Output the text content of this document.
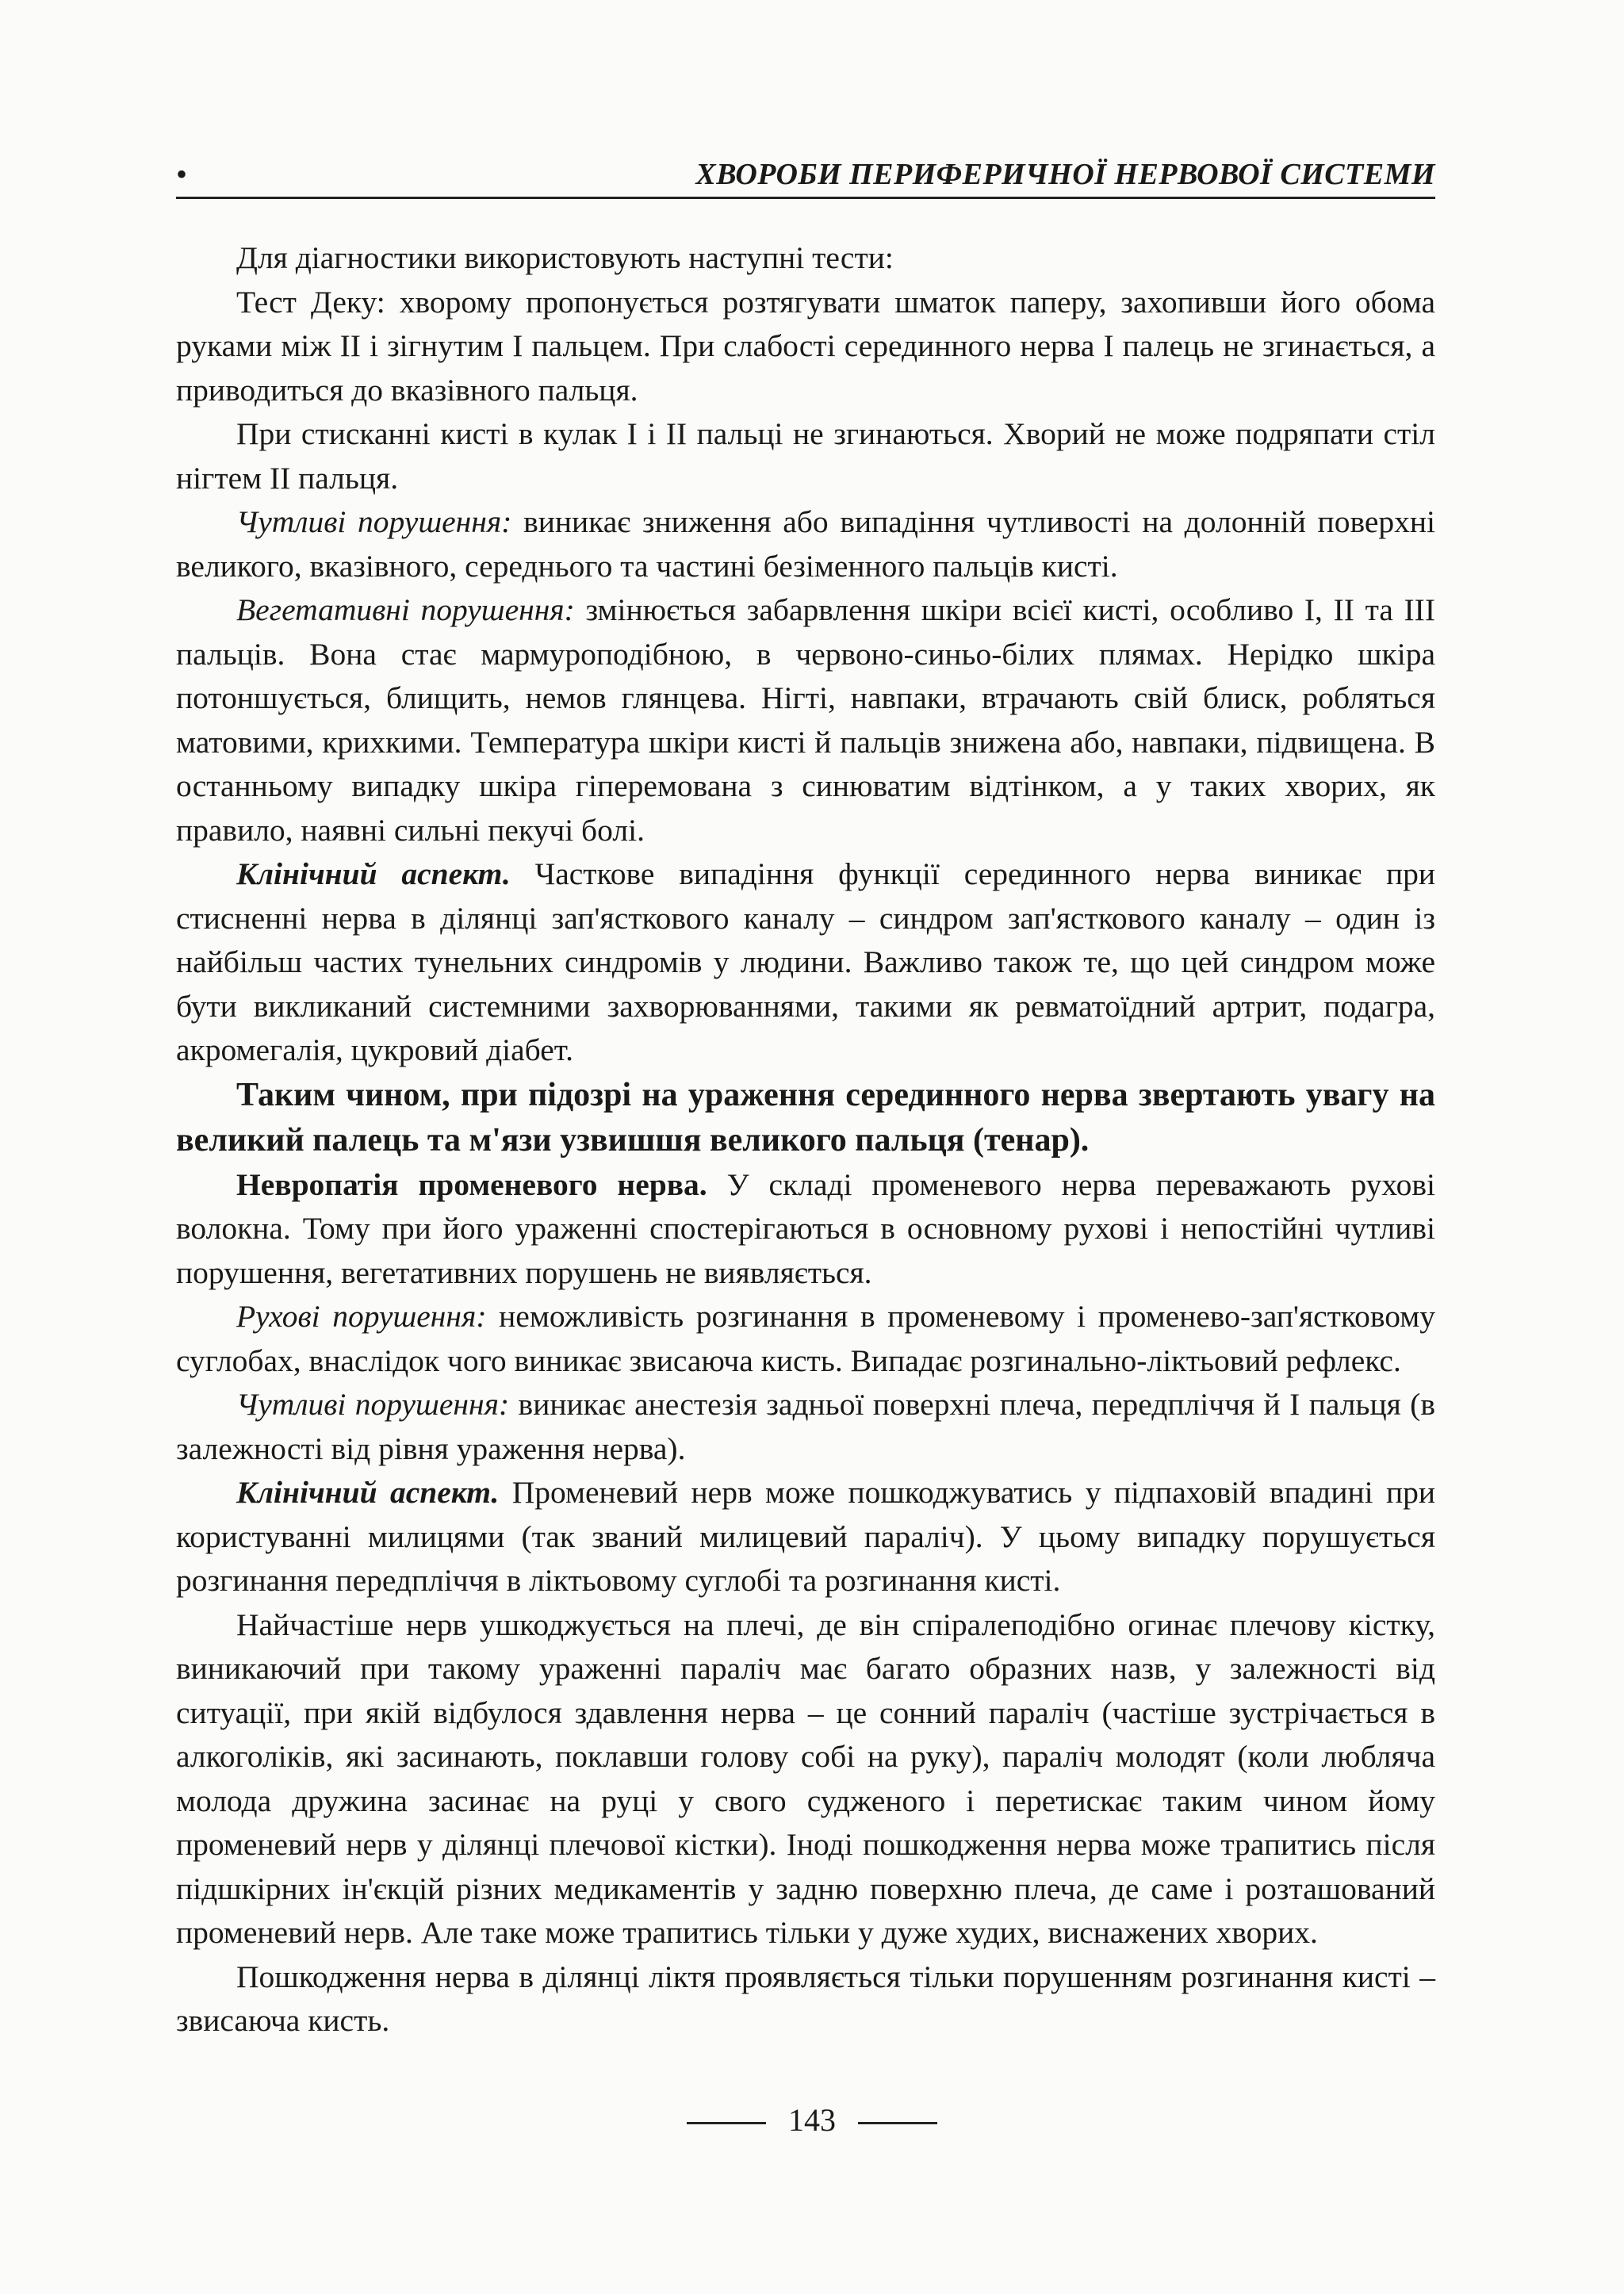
•	ХВОРОБИ ПЕРИФЕРИЧНОЇ НЕРВОВОЇ СИСТЕМИ

Для діагностики використовують наступні тести:

Тест Деку: хворому пропонується розтягувати шматок паперу, захопивши його обома руками між II і зігнутим I пальцем. При слабості серединного нерва I палець не згинається, а приводиться до вказівного пальця.

При стисканні кисті в кулак I і II пальці не згинаються. Хворий не може подряпати стіл нігтем II пальця.

Чутливі порушення: виникає зниження або випадіння чутливості на долонній поверхні великого, вказівного, середнього та частині безіменного пальців кисті.

Вегетативні порушення: змінюється забарвлення шкіри всієї кисті, особливо I, II та III пальців. Вона стає мармуроподібною, в червоно-синьо-білих плямах. Нерідко шкіра потоншується, блищить, немов глянцева. Нігті, навпаки, втрачають свій блиск, робляться матовими, крихкими. Температура шкіри кисті й пальців знижена або, навпаки, підвищена. В останньому випадку шкіра гіперемована з синюватим відтінком, а у таких хворих, як правило, наявні сильні пекучі болі.

Клінічний аспект. Часткове випадіння функції серединного нерва виникає при стисненні нерва в ділянці зап'ясткового каналу – синдром зап'ясткового каналу – один із найбільш частих тунельних синдромів у людини. Важливо також те, що цей синдром може бути викликаний системними захворюваннями, такими як ревматоїдний артрит, подагра, акромегалія, цукровий діабет.

Таким чином, при підозрі на ураження серединного нерва звертають увагу на великий палець та м'язи узвишшя великого пальця (тенар).

Невропатія променевого нерва. У складі променевого нерва переважають рухові волокна. Тому при його ураженні спостерігаються в основному рухові і непостійні чутливі порушення, вегетативних порушень не виявляється.

Рухові порушення: неможливість розгинання в променевому і променево-зап'ястковому суглобах, внаслідок чого виникає звисаюча кисть. Випадає розгинально-ліктьовий рефлекс.

Чутливі порушення: виникає анестезія задньої поверхні плеча, передпліччя й I пальця (в залежності від рівня ураження нерва).

Клінічний аспект. Променевий нерв може пошкоджуватись у підпаховій впадині при користуванні милицями (так званий милицевий параліч). У цьому випадку порушується розгинання передпліччя в ліктьовому суглобі та розгинання кисті.

Найчастіше нерв ушкоджується на плечі, де він спіралеподібно огинає плечову кістку, виникаючий при такому ураженні параліч має багато образних назв, у залежності від ситуації, при якій відбулося здавлення нерва – це сонний параліч (частіше зустрічається в алкоголіків, які засинають, поклавши голову собі на руку), параліч молодят (коли любляча молода дружина засинає на руці у свого судженого і перетискає таким чином йому променевий нерв у ділянці плечової кістки). Іноді пошкодження нерва може трапитись після підшкірних ін'єкцій різних медикаментів у задню поверхню плеча, де саме і розташований променевий нерв. Але таке може трапитись тільки у дуже худих, виснажених хворих.

Пошкодження нерва в ділянці ліктя проявляється тільки порушенням розгинання кисті – звисаюча кисть.

143
